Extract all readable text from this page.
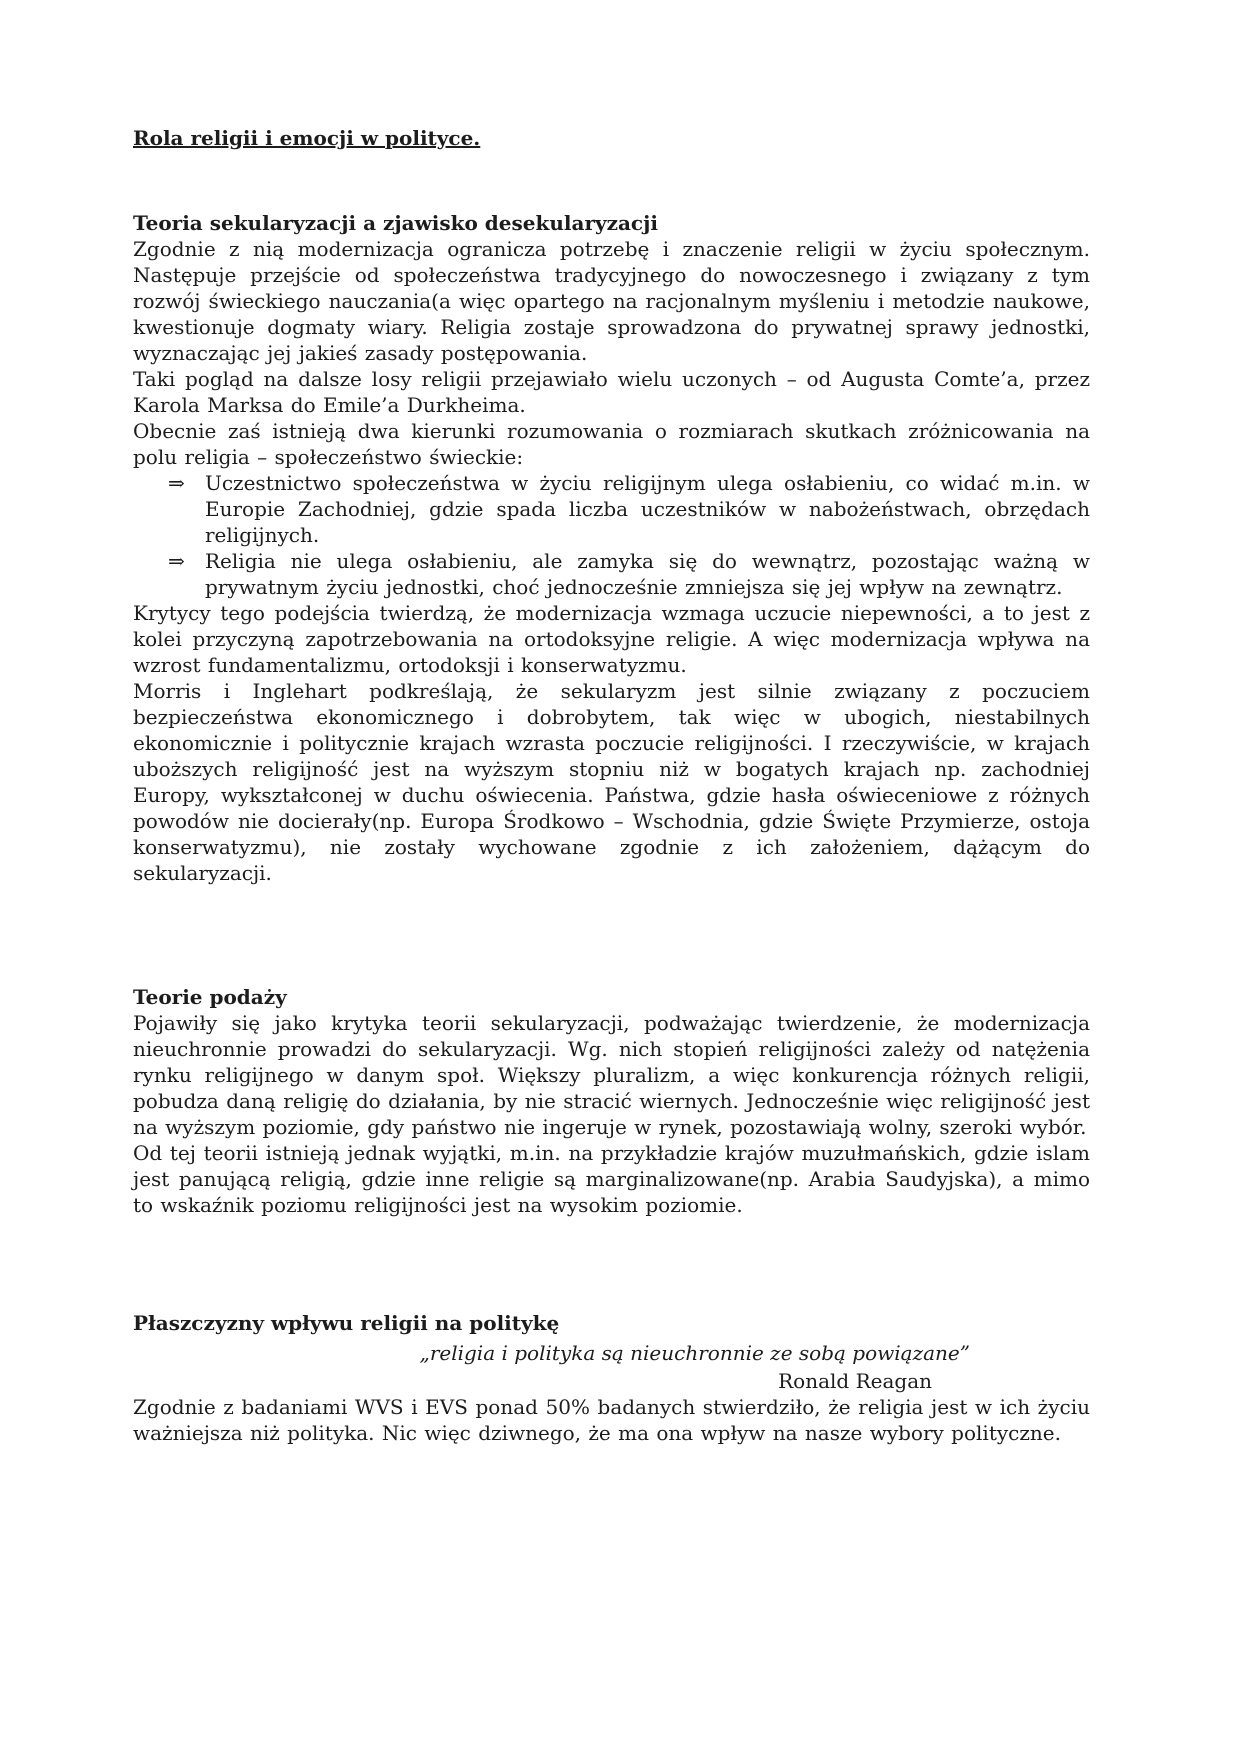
Rola religii i emocji w polityce.
Teoria sekularyzacji a zjawisko desekularyzacji

Zgodnie z nią modernizacja ogranicza potrzebę i znaczenie religii w życiu społecznym. Następuje przejście od społeczeństwa tradycyjnego do nowoczesnego i związany z tym rozwój świeckiego nauczania(a więc opartego na racjonalnym myśleniu i metodzie naukowe, kwestionuje dogmaty wiary. Religia zostaje sprowadzona do prywatnej sprawy jednostki, wyznaczając jej jakieś zasady postępowania.

Taki pogląd na dalsze losy religii przejawiało wielu uczonych – od Augusta Comte’a, przez Karola Marksa do Emile’a Durkheima.

Obecnie zaś istnieją dwa kierunki rozumowania o rozmiarach skutkach zróżnicowania na polu religia – społeczeństwo świeckie:

⇒	Uczestnictwo społeczeństwa w życiu religijnym ulega osłabieniu, co widać m.in. w Europie Zachodniej, gdzie spada liczba uczestników w nabożeństwach, obrzędach religijnych.
⇒	Religia nie ulega osłabieniu, ale zamyka się do wewnątrz, pozostając ważną w prywatnym życiu jednostki, choć jednocześnie zmniejsza się jej wpływ na zewnątrz.

Krytycy tego podejścia twierdzą, że modernizacja wzmaga uczucie niepewności, a to jest z kolei przyczyną zapotrzebowania na ortodoksyjne religie. A więc modernizacja wpływa na wzrost fundamentalizmu, ortodoksji i konserwatyzmu.

Morris i Inglehart podkreślają, że sekularyzm jest silnie związany z poczuciem bezpieczeństwa ekonomicznego i dobrobytem, tak więc w ubogich, niestabilnych ekonomicznie i politycznie krajach wzrasta poczucie religijności. I rzeczywiście, w krajach uboższych religijność jest na wyższym stopniu niż w bogatych krajach np. zachodniej Europy, wykształconej w duchu oświecenia. Państwa, gdzie hasła oświeceniowe z różnych powodów nie docierały(np. Europa Środkowo – Wschodnia, gdzie Święte Przymierze, ostoja konserwatyzmu), nie zostały wychowane zgodnie z ich założeniem, dążącym do sekularyzacji.

Teorie podaży

Pojawiły się jako krytyka teorii sekularyzacji, podważając twierdzenie, że modernizacja nieuchronnie prowadzi do sekularyzacji. Wg. nich stopień religijności zależy od natężenia rynku religijnego w danym społ. Większy pluralizm, a więc konkurencja różnych religii, pobudza daną religię do działania, by nie stracić wiernych. Jednocześnie więc religijność jest na wyższym poziomie, gdy państwo nie ingeruje w rynek, pozostawiają wolny, szeroki wybór.

Od tej teorii istnieją jednak wyjątki, m.in. na przykładzie krajów muzułmańskich, gdzie islam jest panującą religią, gdzie inne religie są marginalizowane(np. Arabia Saudyjska), a mimo to wskaźnik poziomu religijności jest na wysokim poziomie.

Płaszczyzny wpływu religii na politykę

„religia i polityka są nieuchronnie ze sobą powiązane”

Ronald Reagan

Zgodnie z badaniami WVS i EVS ponad 50% badanych stwierdziło, że religia jest w ich życiu ważniejsza niż polityka. Nic więc dziwnego, że ma ona wpływ na nasze wybory polityczne.
